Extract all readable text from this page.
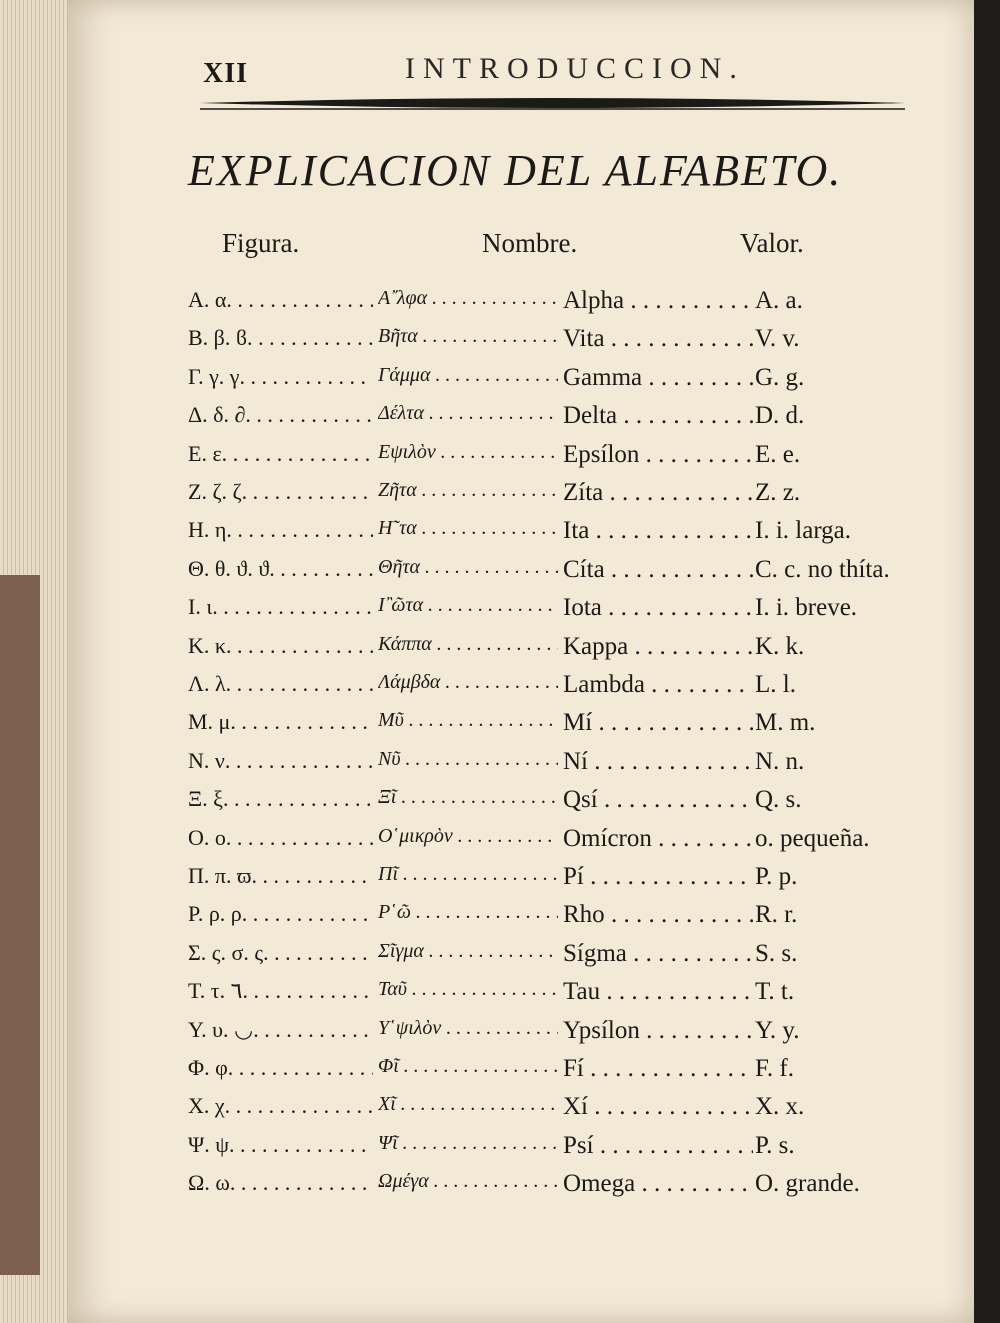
XII	INTRODUCCION.
EXPLICACION DEL ALFABETO.
Figura.	Nombre.	Valor.
Α. α. . . .	Α῎λφα . . .	Alpha . . .	A. a.
Β. β. ϐ. . . .	Βῆτα . . .	Vita . . .	V. v.
Γ. γ. γ. . . .	Γάμμα . . .	Gamma . . .	G. g.
Δ. δ. ∂. . . .	Δέλτα . . .	Delta . . .	D. d.
Ε. ε. . . .	Εψιλὸν . . .	Epsílon . . .	E. e.
Ζ. ζ. ζ. . . .	Ζῆτα . . .	Zíta . . .	Z. z.
Η. η. . . .	Η῀τα . . .	Ita . . .	I. i. larga.
Θ. θ. ϑ. ϑ. . . .	Θῆτα . . .	Cíta . . .	C. c. no thíta.
Ι. ι. . . .	Ι῍ῶτα . . .	Iota . . .	I. i. breve.
Κ. κ. . . .	Κάππα . . .	Kappa . . .	K. k.
Λ. λ. . . .	Λάμβδα . . .	Lambda . . .	L. l.
Μ. μ. . . .	Μῦ . . .	Mí . . .	M. m.
Ν. ν. . . .	Νῦ . . .	Ní . . .	N. n.
Ξ. ξ. . . .	Ξῖ . . .	Qsí . . .	Q. s.
Ο. ο. . . .	Ο῾μικρὸν . . .	Omícron . . .	o. pequeña.
Π. π. ϖ. . . .	Πῖ . . .	Pí . . .	P. p.
Ρ. ρ. ρ. . . .	Ρ῾ῶ . . .	Rho . . .	R. r.
Σ. ς. σ. ς. . . .	Σῖγμα . . .	Sígma . . .	S. s.
Τ. τ. ٦. . . .	Ταῦ . . .	Tau . . .	T. t.
Υ. υ. ◡. . . .	Υ῾ψιλὸν . . .	Ypsílon . . .	Y. y.
Φ. φ. . . .	Φῖ . . .	Fí . . .	F. f.
Χ. χ. . . .	Χῖ . . .	Xí . . .	X. x.
Ψ. ψ. . . .	Ψῖ . . .	Psí . . .	P. s.
Ω. ω. . . .	Ωμέγα . . .	Omega . . .	O. grande.
